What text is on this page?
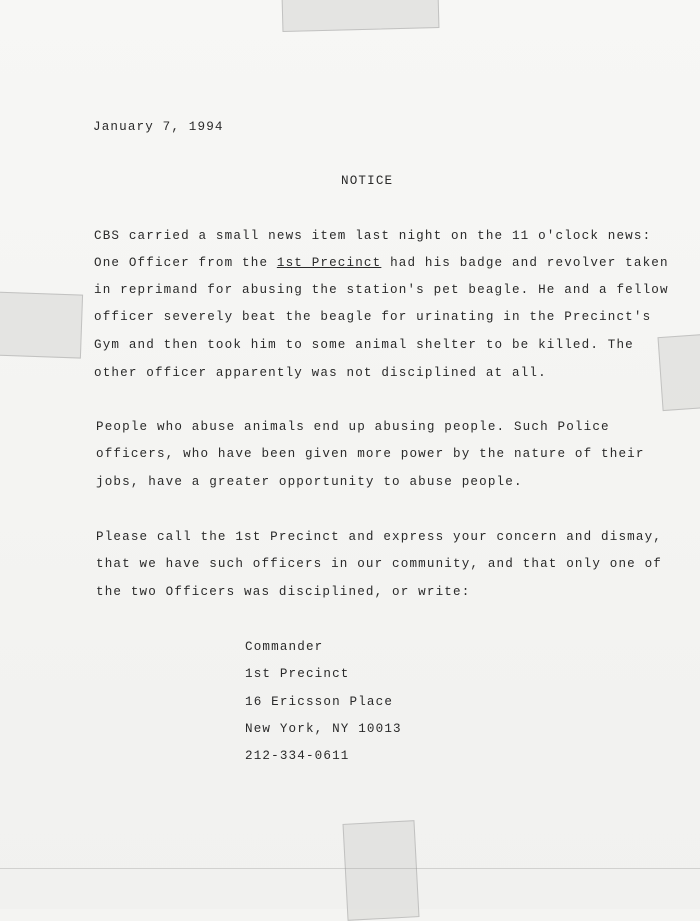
January 7, 1994

NOTICE

CBS carried a small news item last night on the 11 o'clock news:

One Officer from the 1st Precinct had his badge and revolver taken

in reprimand for abusing the station's pet beagle. He and a fellow

officer severely beat the beagle for urinating in the Precinct's

Gym and then took him to some animal shelter to be killed. The

other officer apparently was not disciplined at all.

People who abuse animals end up abusing people. Such Police

officers, who have been given more power by the nature of their

jobs, have a greater opportunity to abuse people.

Please call the 1st Precinct and express your concern and dismay,

that we have such officers in our community, and that only one of

the two Officers was disciplined, or write:

Commander

1st Precinct

16 Ericsson Place

New York, NY 10013

212-334-0611
